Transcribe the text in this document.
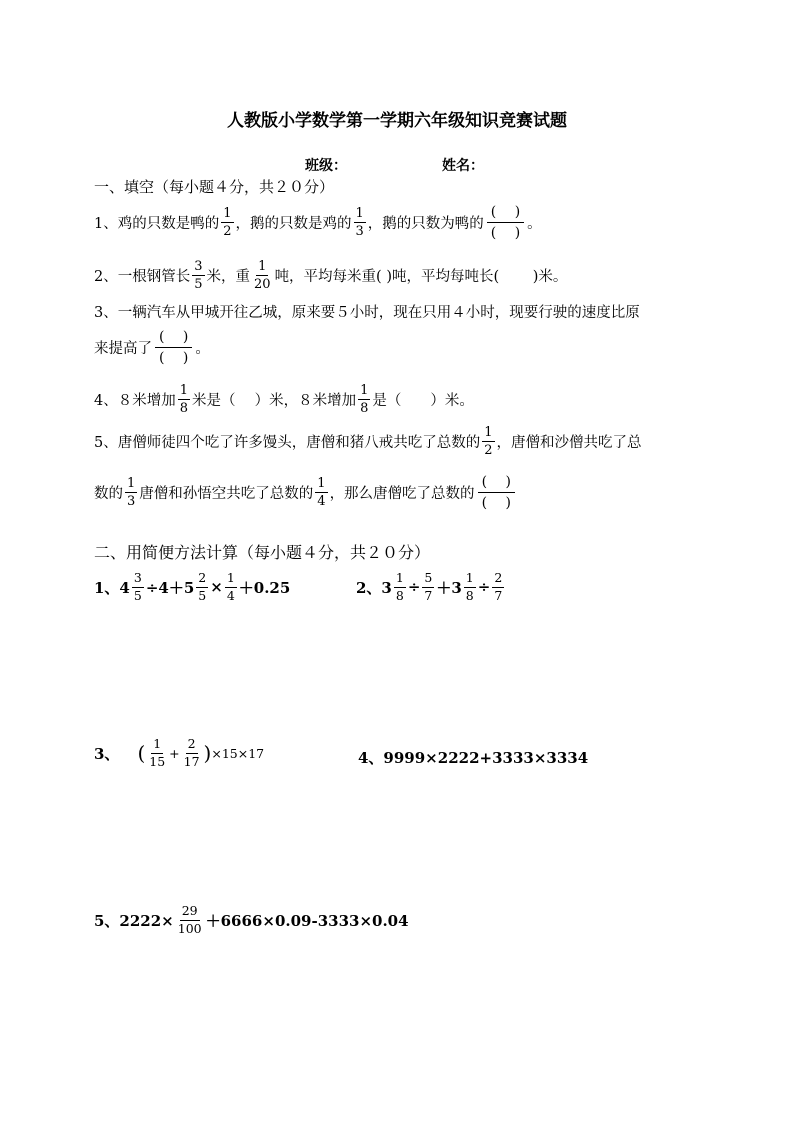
人教版小学数学第一学期六年级知识竞赛试题
班级：	姓名：
一、填空（每小题４分，共２０分）
1、鸡的只数是鸭的 $\frac{1}{2}$ ，鹅的只数是鸡的 $\frac{1}{3}$ ，鹅的只数为鸭的 $\frac{( )}{( )}$ 。
2、一根钢管长 $\frac{3}{5}$ 米，重 $\frac{1}{20}$ 吨，平均每米重( )吨，平均每吨长(　　 )米。
3、一辆汽车从甲城开往乙城，原来要５小时，现在只用４小时，现要行驶的速度比原
来提高了 $\frac{( )}{( )}$ 。
4、８米增加 $\frac{1}{8}$ 米是（　 ）米，８米增加 $\frac{1}{8}$ 是（　　）米。
5、唐僧师徒四个吃了许多馒头，唐僧和猪八戒共吃了总数的 $\frac{1}{2}$ ，唐僧和沙僧共吃了总
数的 $\frac{1}{3}$ 唐僧和孙悟空共吃了总数的 $\frac{1}{4}$ ，那么唐僧吃了总数的 $\frac{( )}{( )}$
二、用简便方法计算（每小题４分，共２０分）
1、$4 \frac{3}{5} \div 4+5 \frac{2}{5} \times \frac{1}{4} +0.25$	2、$3 \frac{1}{8} \div \frac{5}{7} +3 \frac{1}{8} \div \frac{2}{7}$
3、 ( $\frac{1}{15} + \frac{2}{17}$ ) ×15×17	4、9999×2222+3333×3334
5、$2222\times \frac{29}{100} +6666\times 0.09-3333\times 0.04$
